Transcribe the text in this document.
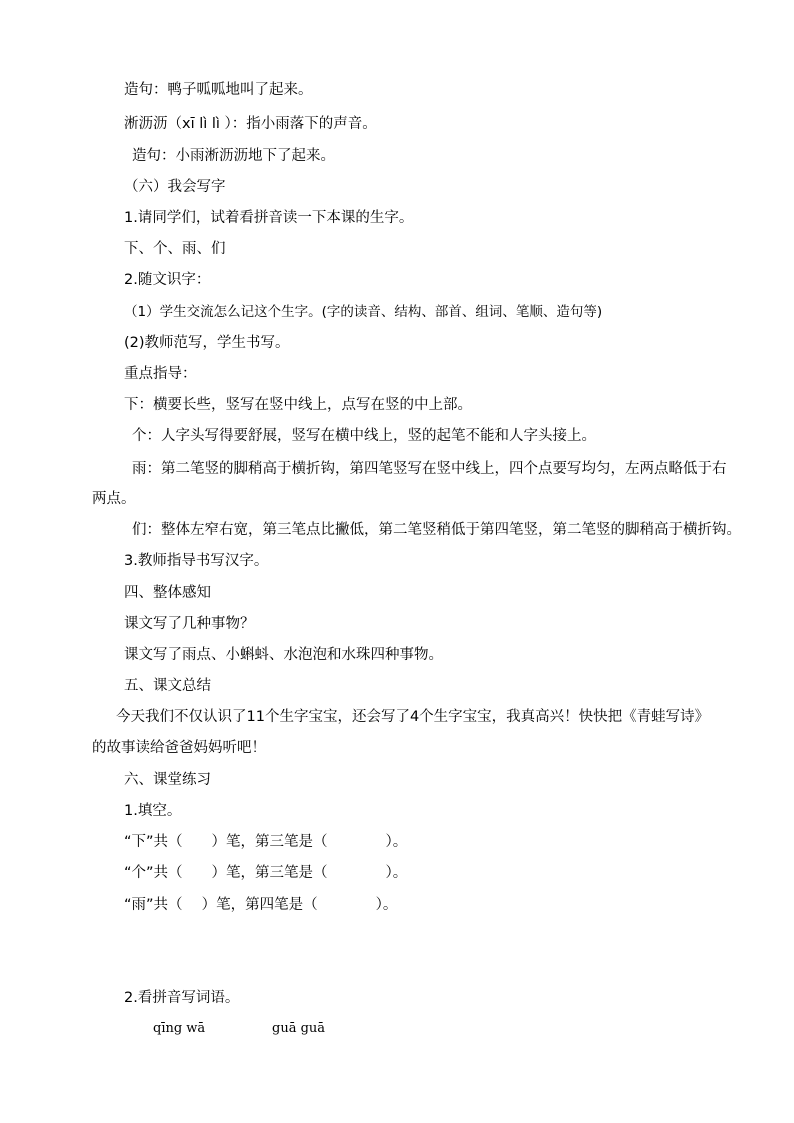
造句：鸭子呱呱地叫了起来。
淅沥沥（xī lì lì ）：指小雨落下的声音。
造句：小雨淅沥沥地下了起来。
（六）我会写字
1.请同学们，试着看拼音读一下本课的生字。
下、个、雨、们
2.随文识字：
（1）学生交流怎么记这个生字。(字的读音、结构、部首、组词、笔顺、造句等)
(2)教师范写，学生书写。
重点指导：
下：横要长些，竖写在竖中线上，点写在竖的中上部。
个：人字头写得要舒展，竖写在横中线上，竖的起笔不能和人字头接上。
雨：第二笔竖的脚稍高于横折钩，第四笔竖写在竖中线上，四个点要写均匀，左两点略低于右
两点。
们：整体左窄右宽，第三笔点比撇低，第二笔竖稍低于第四笔竖，第二笔竖的脚稍高于横折钩。
3.教师指导书写汉字。
四、整体感知
课文写了几种事物？
课文写了雨点、小蝌蚪、水泡泡和水珠四种事物。
五、课文总结
今天我们不仅认识了11个生字宝宝，还会写了4个生字宝宝，我真高兴！快快把《青蛙写诗》
的故事读给爸爸妈妈听吧！
六、课堂练习
1.填空。
“下”共（　　）笔，第三笔是（　　　　）。
“个”共（　　）笔，第三笔是（　　　　）。
“雨”共（　 ）笔，第四笔是（　　　　）。
2.看拼音写词语。
qīng wā	guā guā
